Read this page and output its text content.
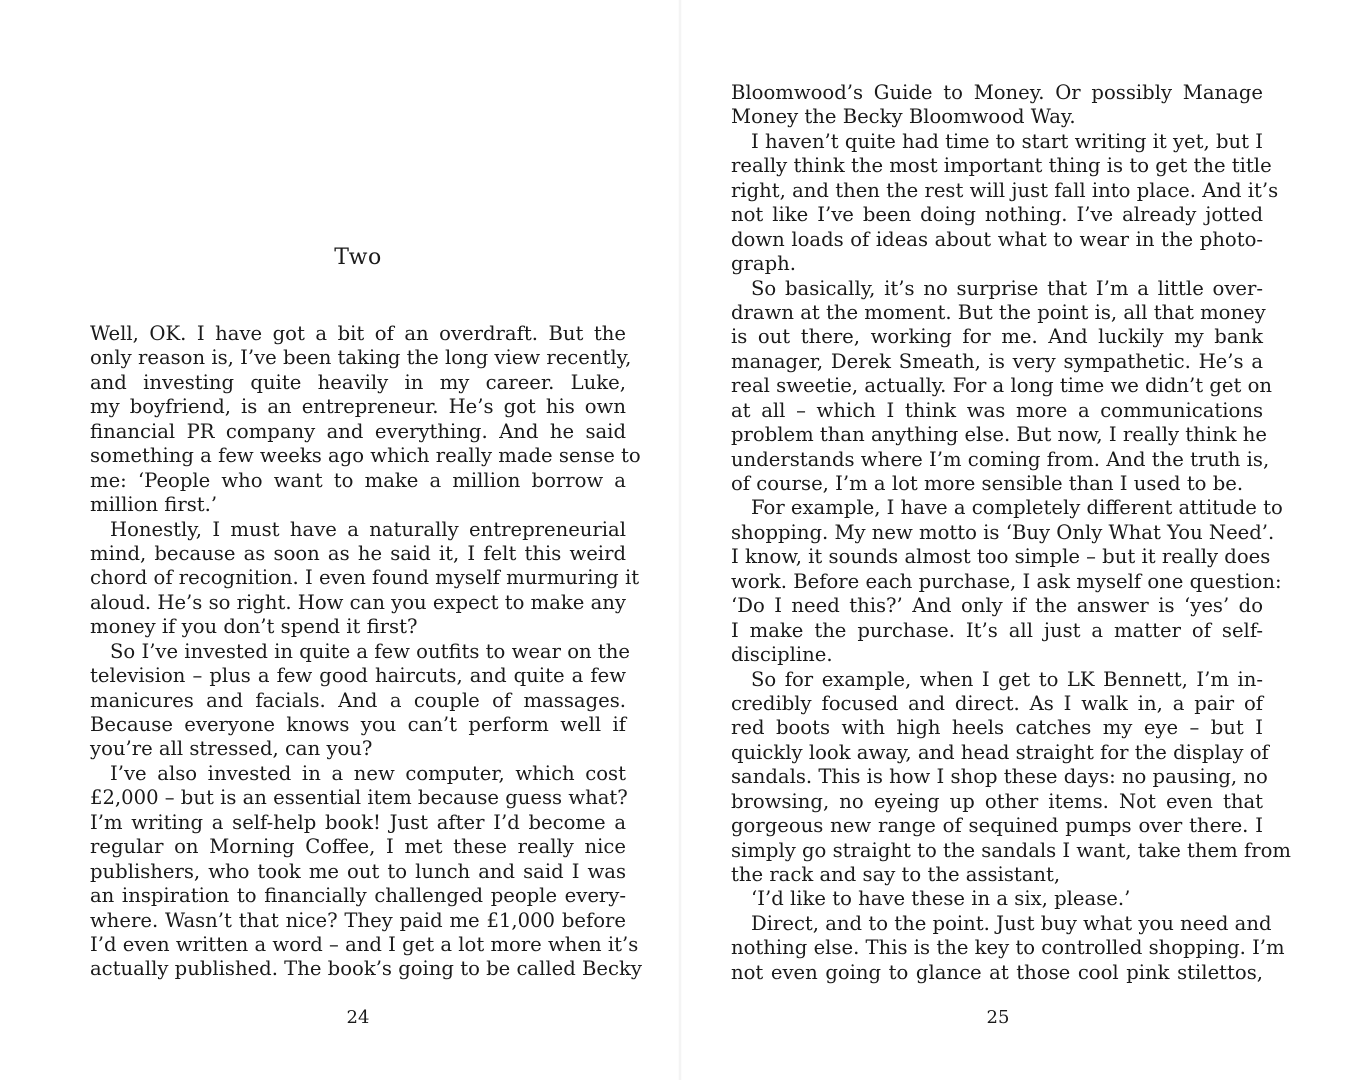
Two
Well, OK. I have got a bit of an overdraft. But the
only reason is, I’ve been taking the long view recently,
and investing quite heavily in my career. Luke,
my boyfriend, is an entrepreneur. He’s got his own
financial PR company and everything. And he said
something a few weeks ago which really made sense to
me: ‘People who want to make a million borrow a
million first.’
Honestly, I must have a naturally entrepreneurial
mind, because as soon as he said it, I felt this weird
chord of recognition. I even found myself murmuring it
aloud. He’s so right. How can you expect to make any
money if you don’t spend it first?
So I’ve invested in quite a few outfits to wear on the
television – plus a few good haircuts, and quite a few
manicures and facials. And a couple of massages.
Because everyone knows you can’t perform well if
you’re all stressed, can you?
I’ve also invested in a new computer, which cost
£2,000 – but is an essential item because guess what?
I’m writing a self-help book! Just after I’d become a
regular on Morning Coffee, I met these really nice
publishers, who took me out to lunch and said I was
an inspiration to financially challenged people every-
where. Wasn’t that nice? They paid me £1,000 before
I’d even written a word – and I get a lot more when it’s
actually published. The book’s going to be called Becky
24
Bloomwood’s Guide to Money. Or possibly Manage
Money the Becky Bloomwood Way.
I haven’t quite had time to start writing it yet, but I
really think the most important thing is to get the title
right, and then the rest will just fall into place. And it’s
not like I’ve been doing nothing. I’ve already jotted
down loads of ideas about what to wear in the photo-
graph.
So basically, it’s no surprise that I’m a little over-
drawn at the moment. But the point is, all that money
is out there, working for me. And luckily my bank
manager, Derek Smeath, is very sympathetic. He’s a
real sweetie, actually. For a long time we didn’t get on
at all – which I think was more a communications
problem than anything else. But now, I really think he
understands where I’m coming from. And the truth is,
of course, I’m a lot more sensible than I used to be.
For example, I have a completely different attitude to
shopping. My new motto is ‘Buy Only What You Need’.
I know, it sounds almost too simple – but it really does
work. Before each purchase, I ask myself one question:
‘Do I need this?’ And only if the answer is ‘yes’ do
I make the purchase. It’s all just a matter of self-
discipline.
So for example, when I get to LK Bennett, I’m in-
credibly focused and direct. As I walk in, a pair of
red boots with high heels catches my eye – but I
quickly look away, and head straight for the display of
sandals. This is how I shop these days: no pausing, no
browsing, no eyeing up other items. Not even that
gorgeous new range of sequined pumps over there. I
simply go straight to the sandals I want, take them from
the rack and say to the assistant,
‘I’d like to have these in a six, please.’
Direct, and to the point. Just buy what you need and
nothing else. This is the key to controlled shopping. I’m
not even going to glance at those cool pink stilettos,
25
